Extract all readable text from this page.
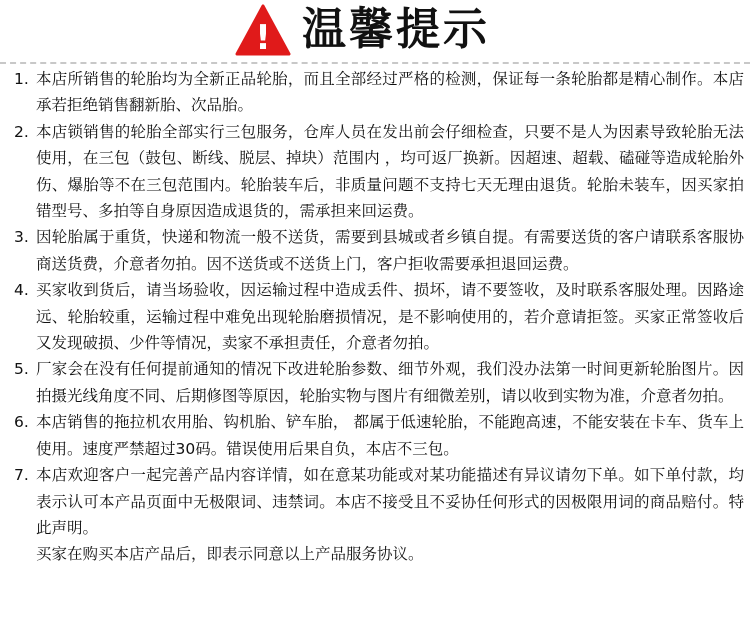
! 温馨提示
1. 本店所销售的轮胎均为全新正品轮胎，而且全部经过严格的检测，保证每一条轮胎都是精心制作。本店承若拒绝销售翻新胎、次品胎。
2. 本店锁销售的轮胎全部实行三包服务，仓库人员在发出前会仔细检查，只要不是人为因素导致轮胎无法使用，在三包（鼓包、断线、脱层、掉块）范围内 ，均可返厂换新。因超速、超载、磕碰等造成轮胎外伤、爆胎等不在三包范围内。轮胎装车后，非质量问题不支持七天无理由退货。轮胎未装车，因买家拍错型号、多拍等自身原因造成退货的，需承担来回运费。
3. 因轮胎属于重货，快递和物流一般不送货，需要到县城或者乡镇自提。有需要送货的客户请联系客服协商送货费，介意者勿拍。因不送货或不送货上门，客户拒收需要承担退回运费。
4. 买家收到货后，请当场验收，因运输过程中造成丢件、损坏，请不要签收，及时联系客服处理。因路途远、轮胎较重，运输过程中难免出现轮胎磨损情况，是不影响使用的，若介意请拒签。买家正常签收后又发现破损、少件等情况，卖家不承担责任，介意者勿拍。
5. 厂家会在没有任何提前通知的情况下改进轮胎参数、细节外观，我们没办法第一时间更新轮胎图片。因拍摄光线角度不同、后期修图等原因，轮胎实物与图片有细微差别，请以收到实物为准，介意者勿拍。
6. 本店销售的拖拉机农用胎、钩机胎、铲车胎， 都属于低速轮胎，不能跑高速，不能安装在卡车、货车上使用。速度严禁超过30码。错误使用后果自负，本店不三包。
7. 本店欢迎客户一起完善产品内容详情，如在意某功能或对某功能描述有异议请勿下单。如下单付款，均表示认可本产品页面中无极限词、违禁词。本店不接受且不妥协任何形式的因极限用词的商品赔付。特此声明。
买家在购买本店产品后，即表示同意以上产品服务协议。
